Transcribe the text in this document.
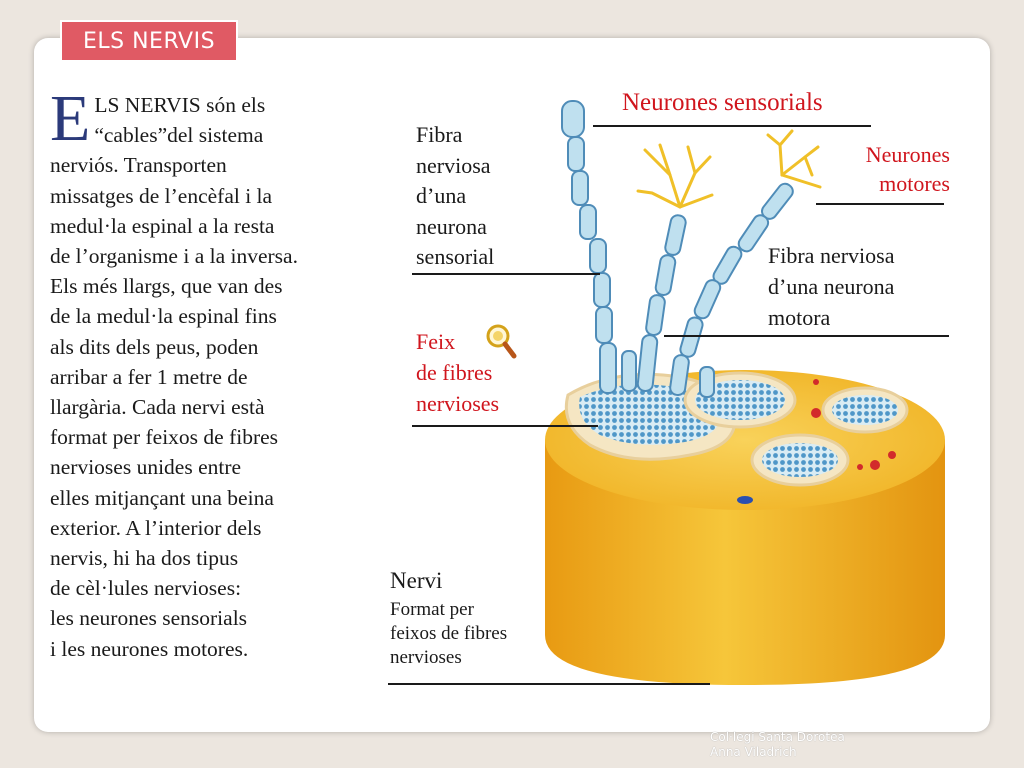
ELS NERVIS
E LS NERVIS són els
“cables”del sistema
nerviós. Transporten
missatges de l’encèfal i la
medul·la espinal a la resta
de l’organisme i a la inversa.
Els més llargs, que van des
de la medul·la espinal fins
als dits dels peus, poden
arribar a fer 1 metre de
llargària. Cada nervi està
format per feixos de fibres
nervioses unides entre
elles mitjançant una beina
exterior. A l’interior dels
nervis, hi ha dos tipus
de cèl·lules nervioses:
les neurones sensorials
i les neurones motores.
Neurones sensorials
Neurones
motores
Fibra
nerviosa
d’una
neurona
sensorial	Fibra nerviosa
d’una neurona
motora
Feix
de fibres
nervioses
Nervi
Format per
feixos de fibres
nervioses
Col·legi Santa Dorotea
Anna Viladrich
